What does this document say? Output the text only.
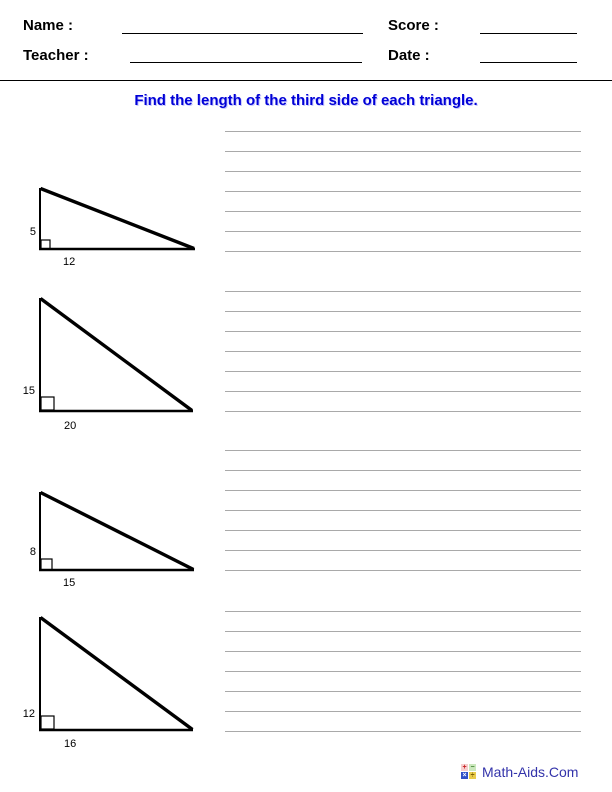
Name :	Score :
Teacher :	Date :
Find the length of the third side of each triangle.
5
12
15
20
8
15
12
16
+ −
× ÷ Math-Aids.Com
